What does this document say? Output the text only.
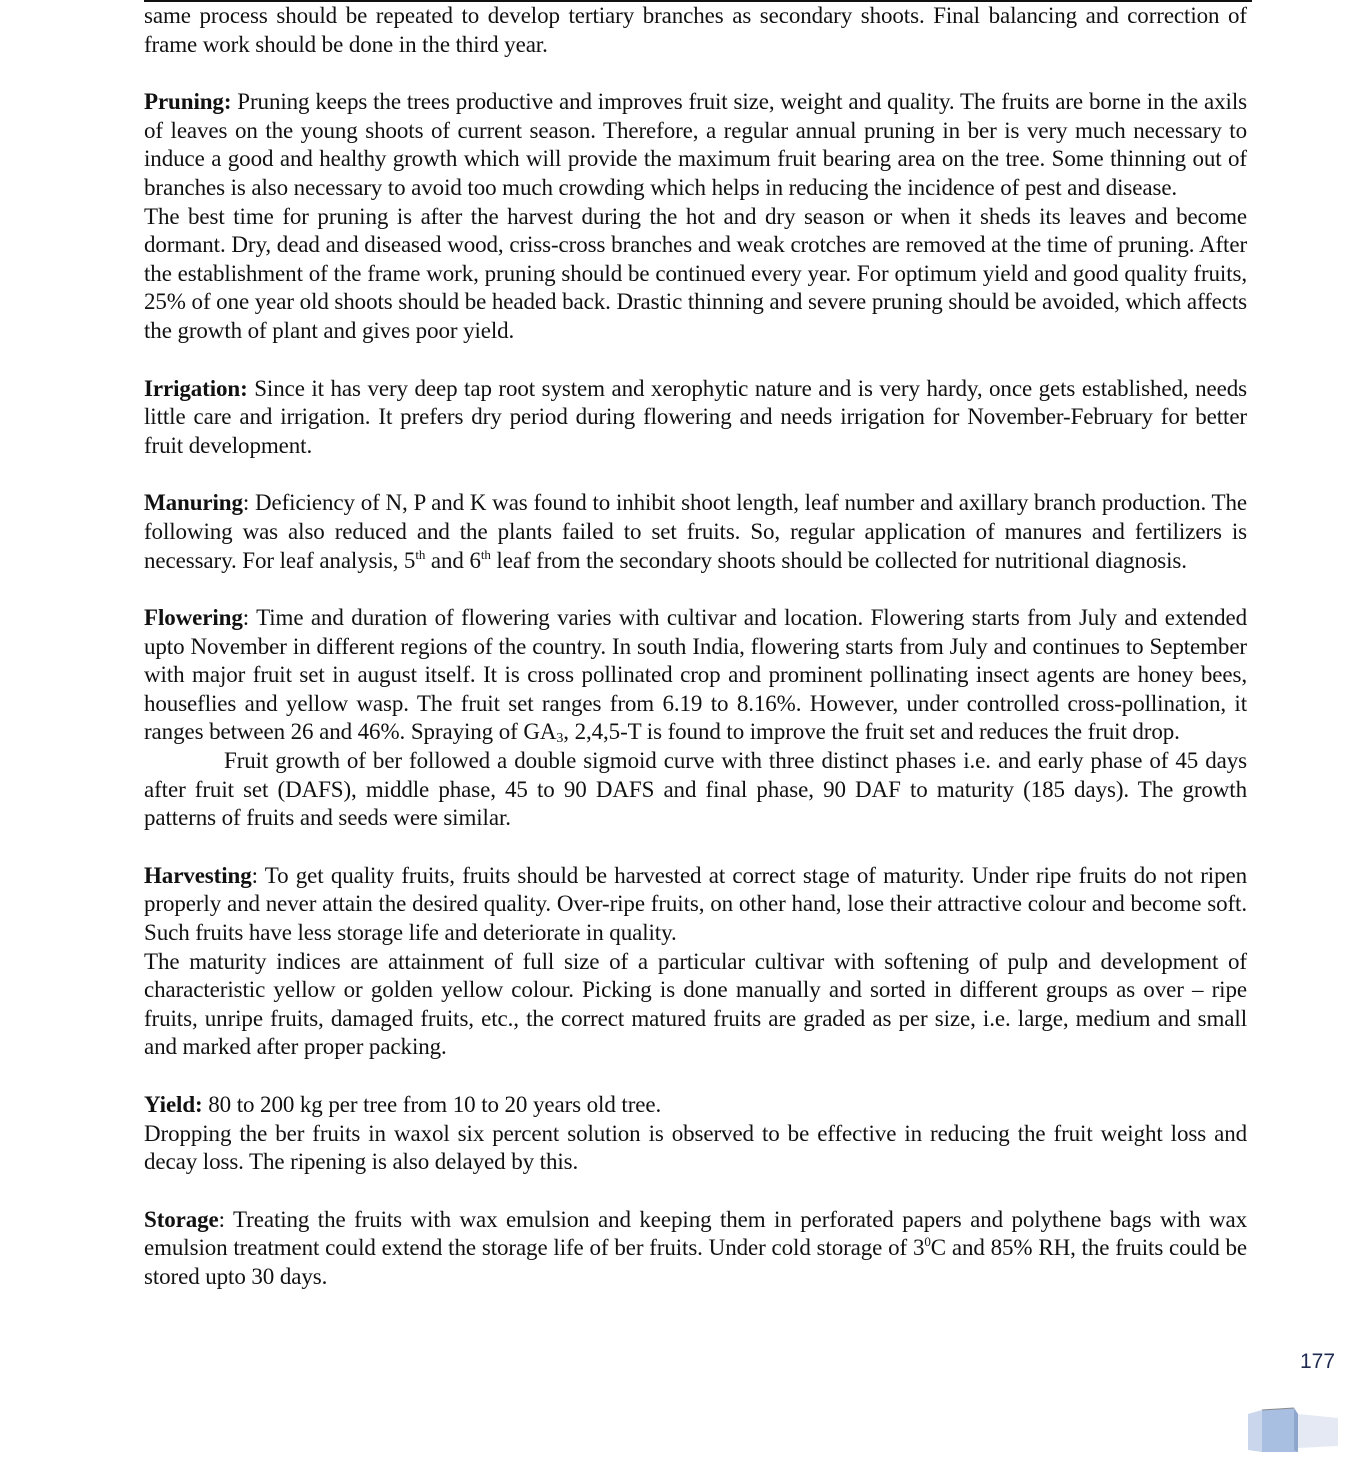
same process should be repeated to develop tertiary branches as secondary shoots. Final balancing and correction of frame work should be done in the third year.

Pruning: Pruning keeps the trees productive and improves fruit size, weight and quality. The fruits are borne in the axils of leaves on the young shoots of current season. Therefore, a regular annual pruning in ber is very much necessary to induce a good and healthy growth which will provide the maximum fruit bearing area on the tree. Some thinning out of branches is also necessary to avoid too much crowding which helps in reducing the incidence of pest and disease.

The best time for pruning is after the harvest during the hot and dry season or when it sheds its leaves and become dormant. Dry, dead and diseased wood, criss-cross branches and weak crotches are removed at the time of pruning. After the establishment of the frame work, pruning should be continued every year. For optimum yield and good quality fruits, 25% of one year old shoots should be headed back. Drastic thinning and severe pruning should be avoided, which affects the growth of plant and gives poor yield.

Irrigation: Since it has very deep tap root system and xerophytic nature and is very hardy, once gets established, needs little care and irrigation. It prefers dry period during flowering and needs irrigation for November-February for better fruit development.

Manuring: Deficiency of N, P and K was found to inhibit shoot length, leaf number and axillary branch production. The following was also reduced and the plants failed to set fruits. So, regular application of manures and fertilizers is necessary. For leaf analysis, 5th and 6th leaf from the secondary shoots should be collected for nutritional diagnosis.

Flowering: Time and duration of flowering varies with cultivar and location. Flowering starts from July and extended upto November in different regions of the country. In south India, flowering starts from July and continues to September with major fruit set in august itself. It is cross pollinated crop and prominent pollinating insect agents are honey bees, houseflies and yellow wasp. The fruit set ranges from 6.19 to 8.16%. However, under controlled cross-pollination, it ranges between 26 and 46%. Spraying of $GA_3$, 2,4,5-T is found to improve the fruit set and reduces the fruit drop.

Fruit growth of ber followed a double sigmoid curve with three distinct phases i.e. and early phase of 45 days after fruit set (DAFS), middle phase, 45 to 90 DAFS and final phase, 90 DAF to maturity (185 days). The growth patterns of fruits and seeds were similar.

Harvesting: To get quality fruits, fruits should be harvested at correct stage of maturity. Under ripe fruits do not ripen properly and never attain the desired quality. Over-ripe fruits, on other hand, lose their attractive colour and become soft. Such fruits have less storage life and deteriorate in quality.

The maturity indices are attainment of full size of a particular cultivar with softening of pulp and development of characteristic yellow or golden yellow colour. Picking is done manually and sorted in different groups as over – ripe fruits, unripe fruits, damaged fruits, etc., the correct matured fruits are graded as per size, i.e. large, medium and small and marked after proper packing.

Yield: 80 to 200 kg per tree from 10 to 20 years old tree.

Dropping the ber fruits in waxol six percent solution is observed to be effective in reducing the fruit weight loss and decay loss. The ripening is also delayed by this.

Storage: Treating the fruits with wax emulsion and keeping them in perforated papers and polythene bags with wax emulsion treatment could extend the storage life of ber fruits. Under cold storage of $3^0C$ and 85% RH, the fruits could be stored upto 30 days.

177
